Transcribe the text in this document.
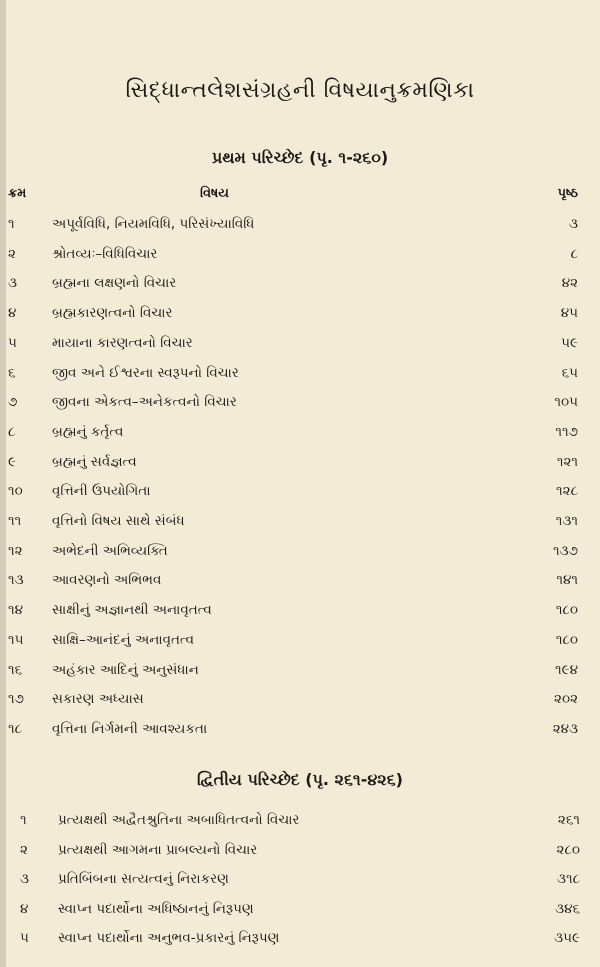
સિદ્ધાન્તલેશસંગ્રહની વિષયાનુક્રમણિકા
પ્રથમ પરિચ્છેદ (પૃ. ૧-૨૬૦)
ક્રમ	વિષય	પૃષ્ઠ
૧	અપૂર્વવિધિ, નિયમવિધિ, પરિસંખ્યાવિધિ	૩
૨	શ્રોતવ્યઃ–વિધિવિચાર	૮
૩	બ્રહ્મના લક્ષણનો વિચાર	૪૨
૪	બ્રહ્મકારણત્વનો વિચાર	૪૫
૫	માયાના કારણત્વનો વિચાર	૫૯
૬	જીવ અને ઈશ્વરના સ્વરૂપનો વિચાર	૬૫
૭	જીવના એકત્વ–અનેકત્વનો વિચાર	૧૦૫
૮	બ્રહ્મનું કર્તૃત્વ	૧૧૭
૯	બ્રહ્મનું સર્વજ્ઞત્વ	૧૨૧
૧૦	વૃત્તિની ઉપયોગિતા	૧૨૮
૧૧	વૃત્તિનો વિષય સાથે સંબંધ	૧૩૧
૧૨	અભેદની અભિવ્યક્તિ	૧૩૭
૧૩	આવરણનો અભિભવ	૧૪૧
૧૪	સાક્ષીનું અજ્ઞાનથી અનાવૃતત્વ	૧૮૦
૧૫	સાક્ષિ–આનંદનું અનાવૃતત્વ	૧૮૦
૧૬	અહંકાર આદિનું અનુસંધાન	૧૯૪
૧૭	સકારણ અધ્યાસ	૨૦૨
૧૮	વૃત્તિના નિર્ગમની આવશ્યકતા	૨૪૩
દ્વિતીય પરિચ્છેદ (પૃ. ૨૬૧-૪૨૬)
૧	પ્રત્યક્ષથી અદ્વૈતશ્રુતિના અબાધિતત્વનો વિચાર	૨૬૧
૨	પ્રત્યક્ષથી આગમના પ્રાબલ્યનો વિચાર	૨૮૦
૩	પ્રતિબિંબના સત્યત્વનું નિરાકરણ	૩૧૮
૪	સ્વાપ્ન પદાર્થોના અધિષ્ઠાનનું નિરૂપણ	૩૪૬
૫	સ્વાપ્ન પદાર્થોના અનુભવ-પ્રકારનું નિરૂપણ	૩૫૯
